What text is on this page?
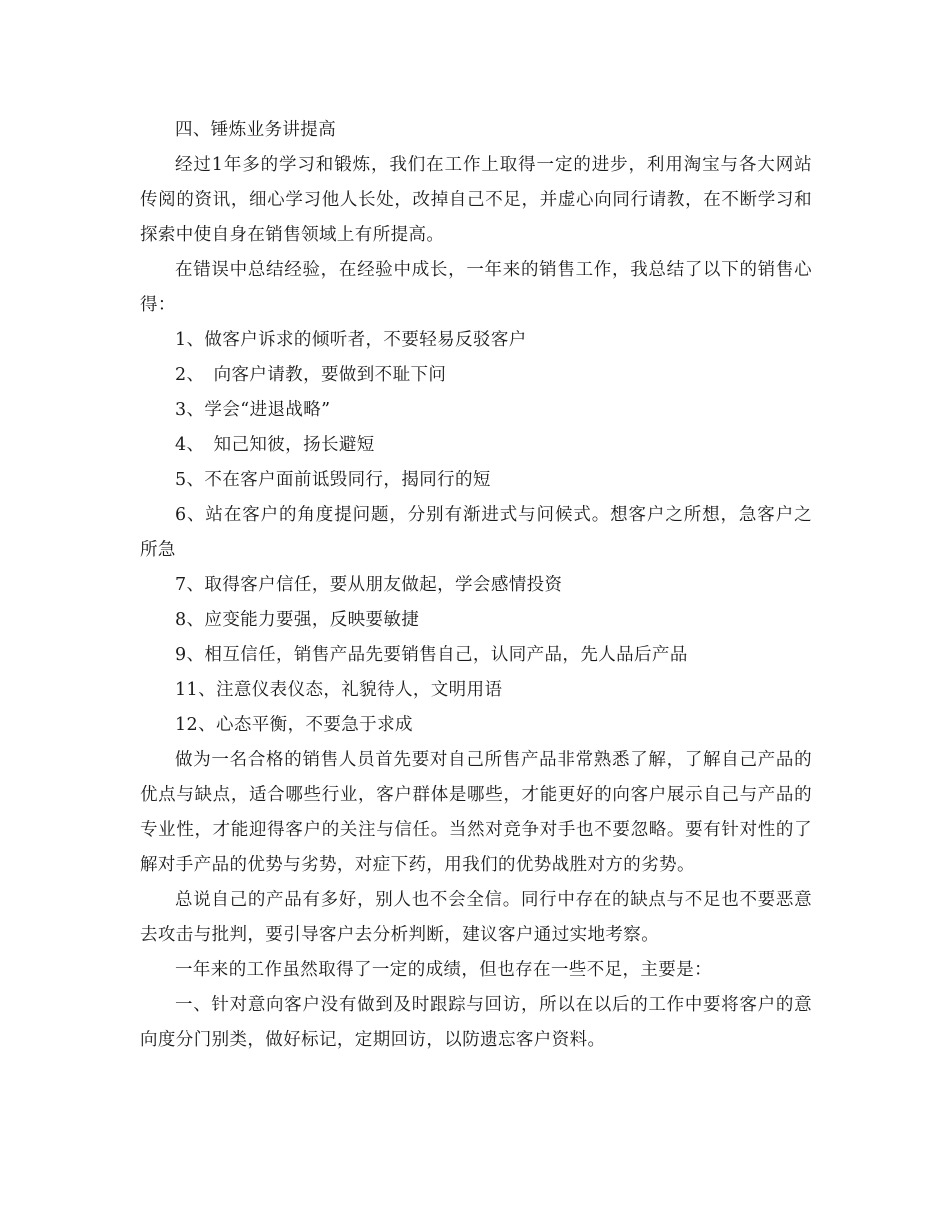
四、锤炼业务讲提高

经过1年多的学习和锻炼，我们在工作上取得一定的进步，利用淘宝与各大网站传阅的资讯，细心学习他人长处，改掉自己不足，并虚心向同行请教，在不断学习和探索中使自身在销售领域上有所提高。

在错误中总结经验，在经验中成长，一年来的销售工作，我总结了以下的销售心得：

1、做客户诉求的倾听者，不要轻易反驳客户

2、　向客户请教，要做到不耻下问

3、学会“进退战略”

4、　知己知彼，扬长避短

5、不在客户面前诋毁同行，揭同行的短

6、站在客户的角度提问题，分别有渐进式与问候式。想客户之所想，急客户之所急

7、取得客户信任，要从朋友做起，学会感情投资

8、应变能力要强，反映要敏捷

9、相互信任，销售产品先要销售自己，认同产品，先人品后产品

11、注意仪表仪态，礼貌待人，文明用语

12、心态平衡，不要急于求成

做为一名合格的销售人员首先要对自己所售产品非常熟悉了解，了解自己产品的优点与缺点，适合哪些行业，客户群体是哪些，才能更好的向客户展示自己与产品的专业性，才能迎得客户的关注与信任。当然对竞争对手也不要忽略。要有针对性的了解对手产品的优势与劣势，对症下药，用我们的优势战胜对方的劣势。

总说自己的产品有多好，别人也不会全信。同行中存在的缺点与不足也不要恶意去攻击与批判，要引导客户去分析判断，建议客户通过实地考察。

一年来的工作虽然取得了一定的成绩，但也存在一些不足，主要是：

一、针对意向客户没有做到及时跟踪与回访，所以在以后的工作中要将客户的意向度分门别类，做好标记，定期回访，以防遗忘客户资料。
